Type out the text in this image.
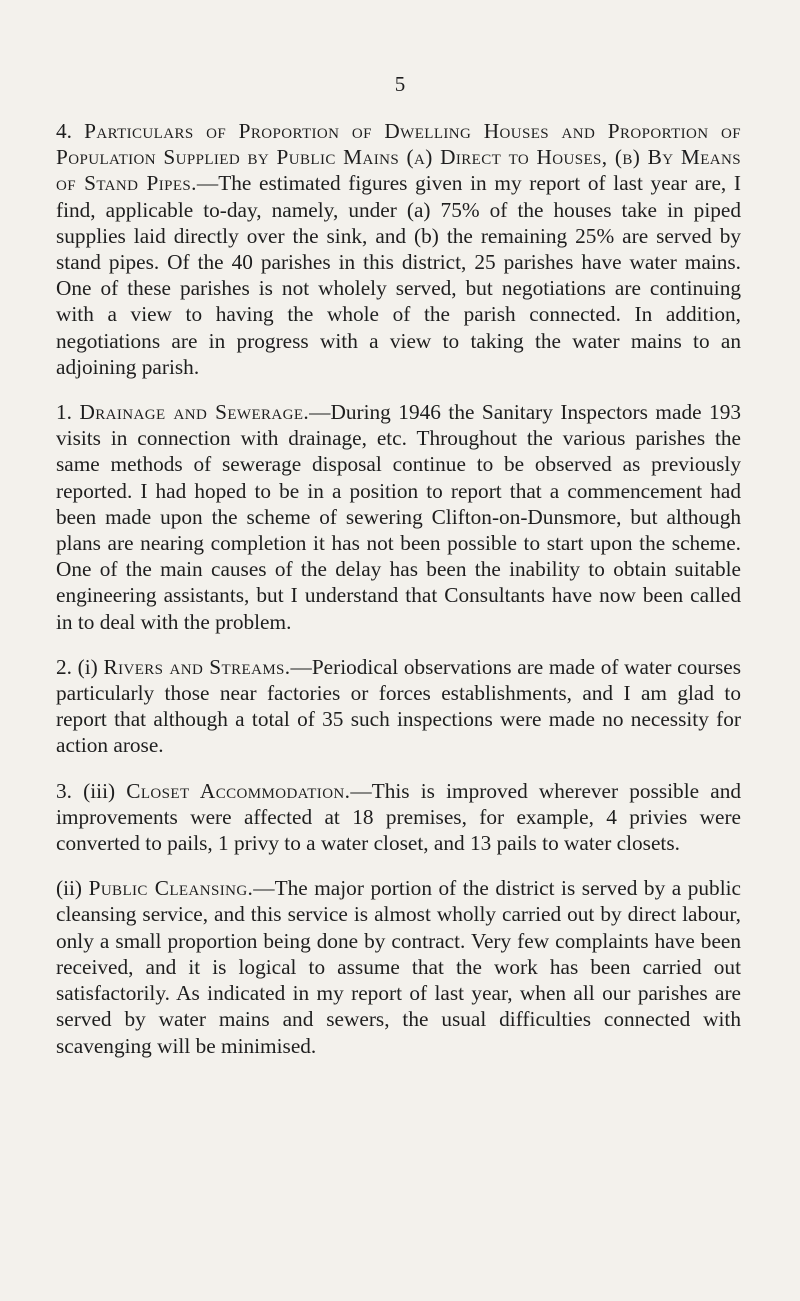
5

4. Particulars of Proportion of Dwelling Houses and Proportion of Population Supplied by Public Mains (a) Direct to Houses, (b) By Means of Stand Pipes.—The estimated figures given in my report of last year are, I find, applicable to-day, namely, under (a) 75% of the houses take in piped supplies laid directly over the sink, and (b) the remaining 25% are served by stand pipes. Of the 40 parishes in this district, 25 parishes have water mains. One of these parishes is not wholely served, but negotiations are continuing with a view to having the whole of the parish connected. In addition, negotiations are in progress with a view to taking the water mains to an adjoining parish.

1. Drainage and Sewerage.—During 1946 the Sanitary Inspectors made 193 visits in connection with drainage, etc. Throughout the various parishes the same methods of sewerage disposal continue to be observed as previously reported. I had hoped to be in a position to report that a commencement had been made upon the scheme of sewering Clifton-on-Dunsmore, but although plans are nearing completion it has not been possible to start upon the scheme. One of the main causes of the delay has been the inability to obtain suitable engineering assistants, but I understand that Consultants have now been called in to deal with the problem.

2. (i) Rivers and Streams.—Periodical observations are made of water courses particularly those near factories or forces establishments, and I am glad to report that although a total of 35 such inspections were made no necessity for action arose.

3. (iii) Closet Accommodation.—This is improved wherever possible and improvements were affected at 18 premises, for example, 4 privies were converted to pails, 1 privy to a water closet, and 13 pails to water closets.

(ii) Public Cleansing.—The major portion of the district is served by a public cleansing service, and this service is almost wholly carried out by direct labour, only a small proportion being done by contract. Very few complaints have been received, and it is logical to assume that the work has been carried out satisfactorily. As indicated in my report of last year, when all our parishes are served by water mains and sewers, the usual difficulties connected with scavenging will be minimised.
